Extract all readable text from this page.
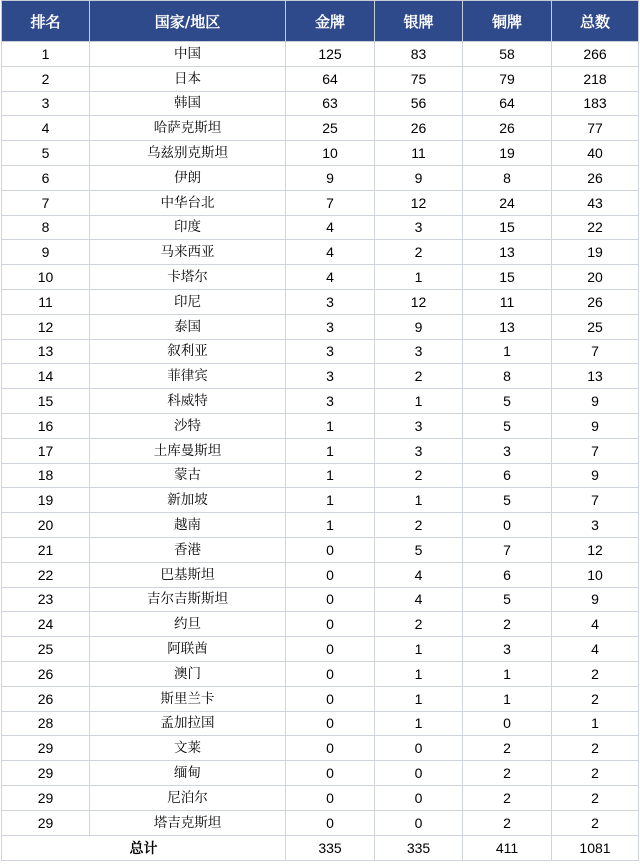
排名	国家/地区	金牌	银牌	铜牌	总数
1	中国	125	83	58	266
2	日本	64	75	79	218
3	韩国	63	56	64	183
4	哈萨克斯坦	25	26	26	77
5	乌兹别克斯坦	10	11	19	40
6	伊朗	9	9	8	26
7	中华台北	7	12	24	43
8	印度	4	3	15	22
9	马来西亚	4	2	13	19
10	卡塔尔	4	1	15	20
11	印尼	3	12	11	26
12	泰国	3	9	13	25
13	叙利亚	3	3	1	7
14	菲律宾	3	2	8	13
15	科威特	3	1	5	9
16	沙特	1	3	5	9
17	土库曼斯坦	1	3	3	7
18	蒙古	1	2	6	9
19	新加坡	1	1	5	7
20	越南	1	2	0	3
21	香港	0	5	7	12
22	巴基斯坦	0	4	6	10
23	吉尔吉斯斯坦	0	4	5	9
24	约旦	0	2	2	4
25	阿联酋	0	1	3	4
26	澳门	0	1	1	2
26	斯里兰卡	0	1	1	2
28	孟加拉国	0	1	0	1
29	文莱	0	0	2	2
29	缅甸	0	0	2	2
29	尼泊尔	0	0	2	2
29	塔吉克斯坦	0	0	2	2
总计		335	335	411	1081
